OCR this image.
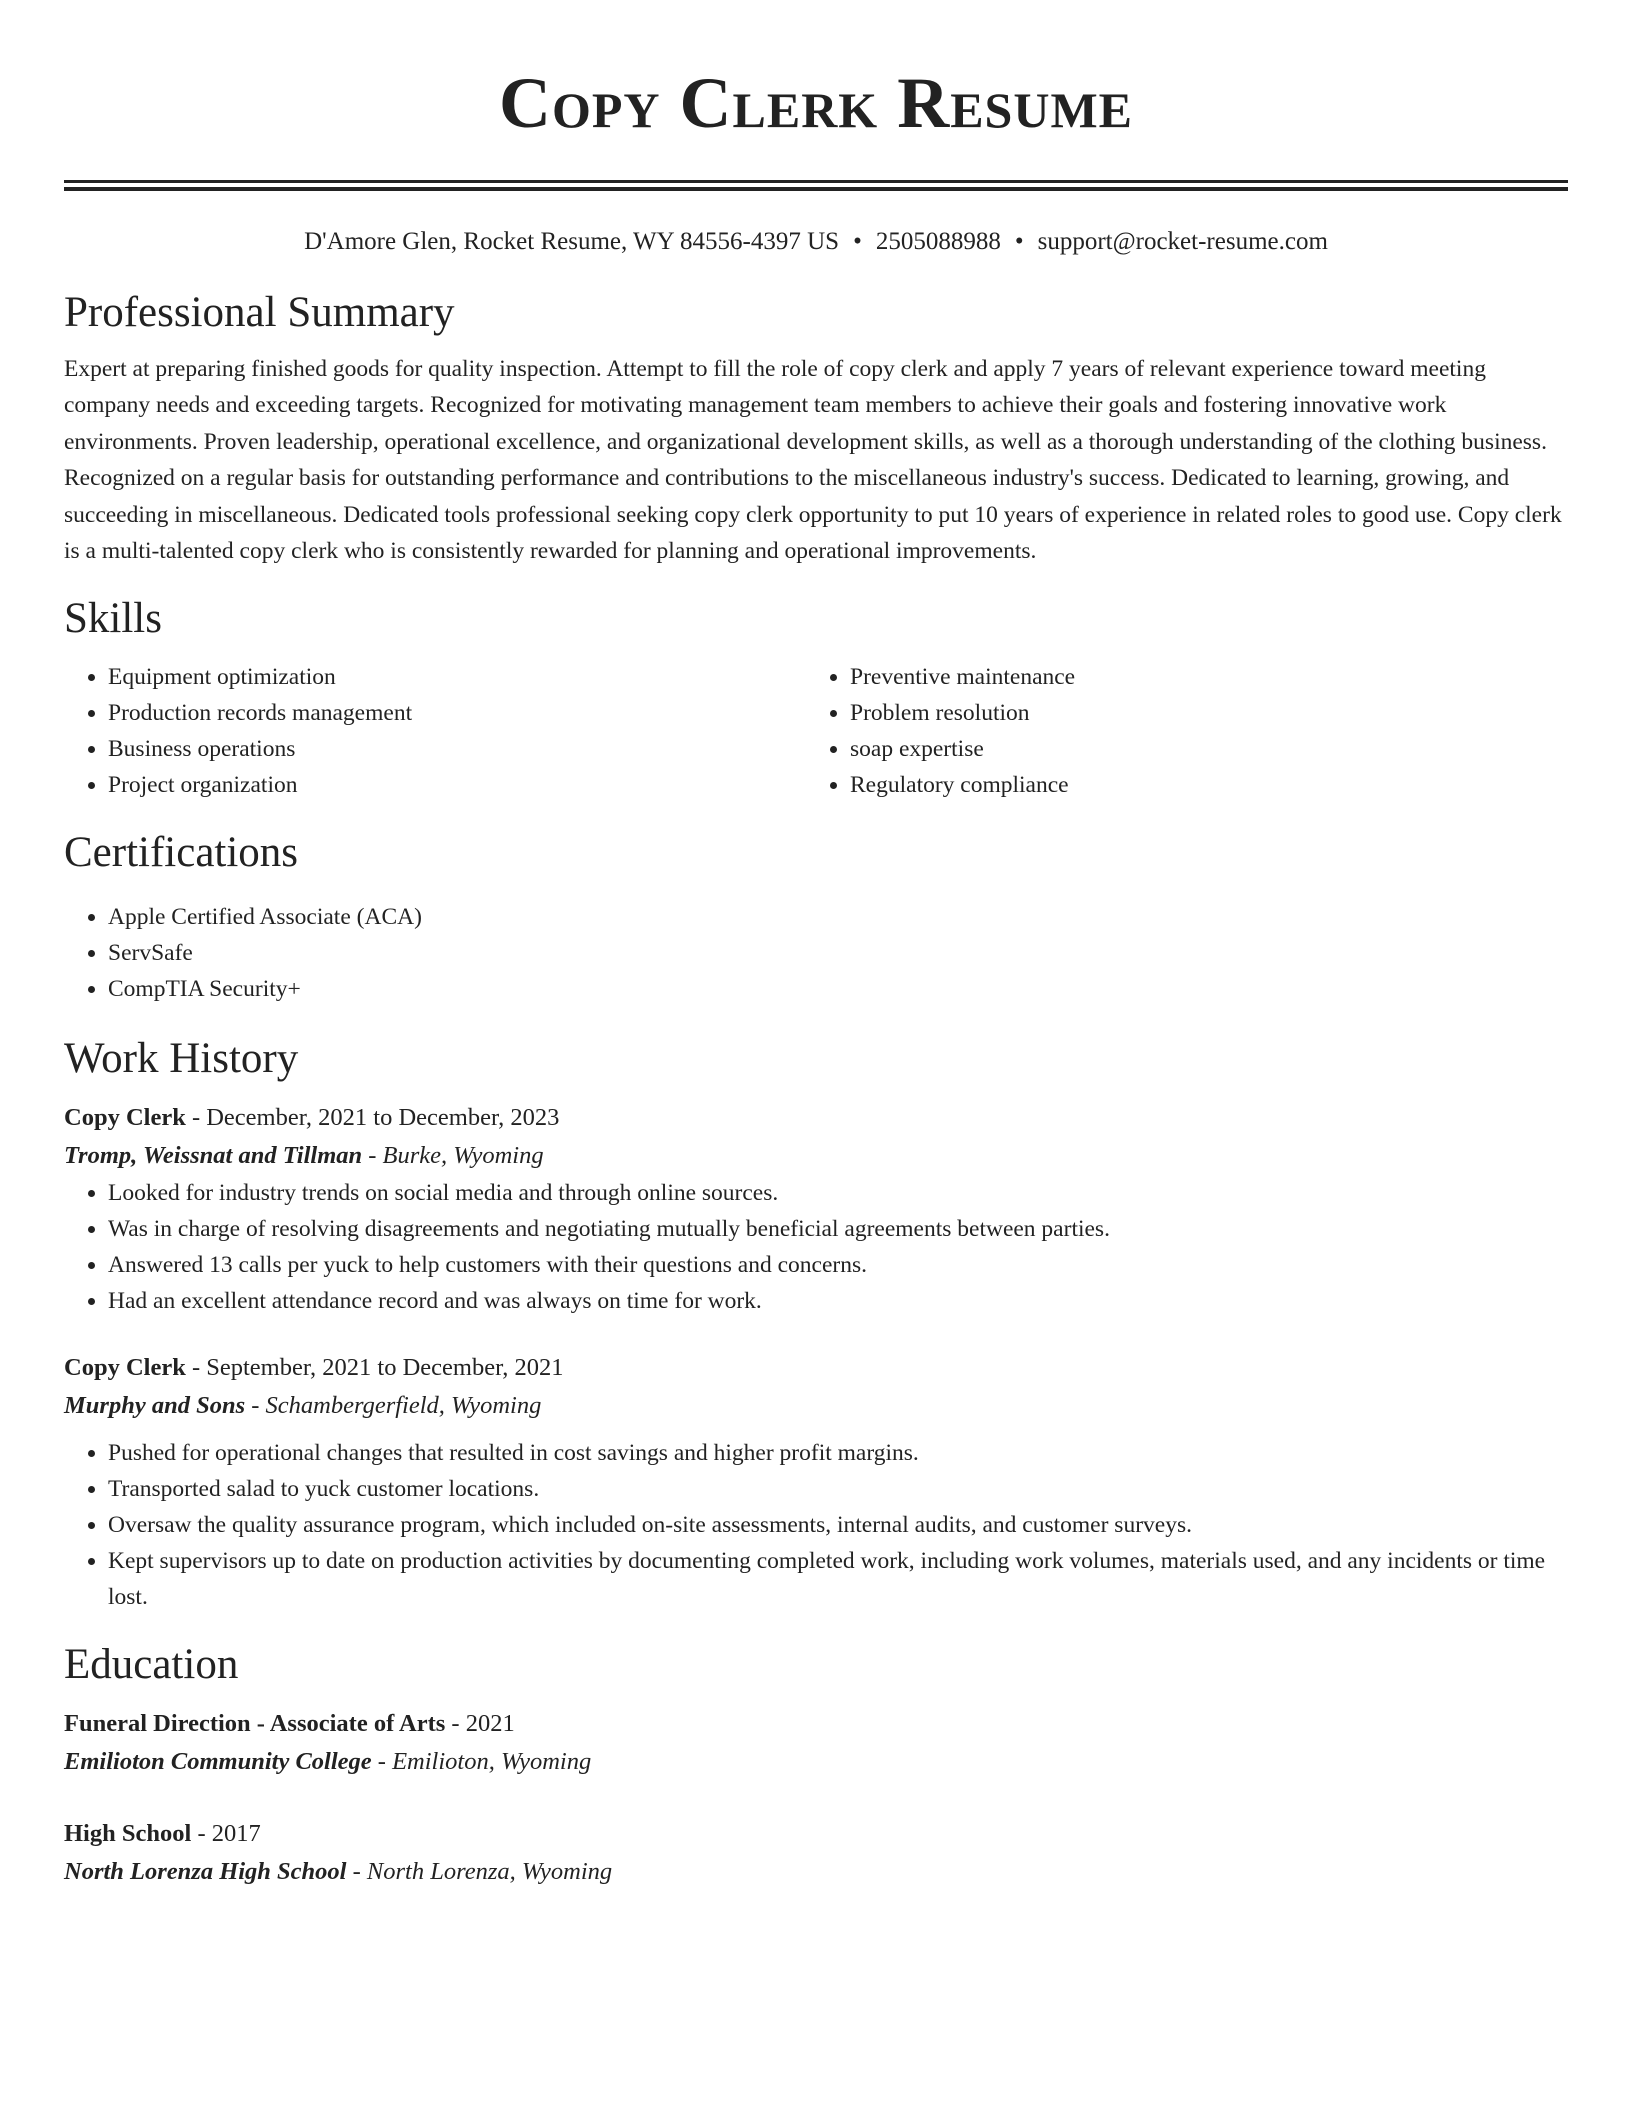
Copy Clerk Resume
D'Amore Glen, Rocket Resume, WY 84556-4397 US • 2505088988 • support@rocket-resume.com
Professional Summary

Expert at preparing finished goods for quality inspection. Attempt to fill the role of copy clerk and apply 7 years of relevant experience toward meeting company needs and exceeding targets. Recognized for motivating management team members to achieve their goals and fostering innovative work environments. Proven leadership, operational excellence, and organizational development skills, as well as a thorough understanding of the clothing business. Recognized on a regular basis for outstanding performance and contributions to the miscellaneous industry's success. Dedicated to learning, growing, and succeeding in miscellaneous. Dedicated tools professional seeking copy clerk opportunity to put 10 years of experience in related roles to good use. Copy clerk is a multi-talented copy clerk who is consistently rewarded for planning and operational improvements.

Skills
• Equipment optimization
• Production records management
• Business operations
• Project organization
• Preventive maintenance
• Problem resolution
• soap expertise
• Regulatory compliance
Certifications
• Apple Certified Associate (ACA)
• ServSafe
• CompTIA Security+
Work History
Copy Clerk - December, 2021 to December, 2023
Tromp, Weissnat and Tillman - Burke, Wyoming
• Looked for industry trends on social media and through online sources.
• Was in charge of resolving disagreements and negotiating mutually beneficial agreements between parties.
• Answered 13 calls per yuck to help customers with their questions and concerns.
• Had an excellent attendance record and was always on time for work.
Copy Clerk - September, 2021 to December, 2021
Murphy and Sons - Schambergerfield, Wyoming
• Pushed for operational changes that resulted in cost savings and higher profit margins.
• Transported salad to yuck customer locations.
• Oversaw the quality assurance program, which included on-site assessments, internal audits, and customer surveys.
• Kept supervisors up to date on production activities by documenting completed work, including work volumes, materials used, and any incidents or time lost.
Education
Funeral Direction - Associate of Arts - 2021
Emilioton Community College - Emilioton, Wyoming
High School - 2017
North Lorenza High School - North Lorenza, Wyoming
